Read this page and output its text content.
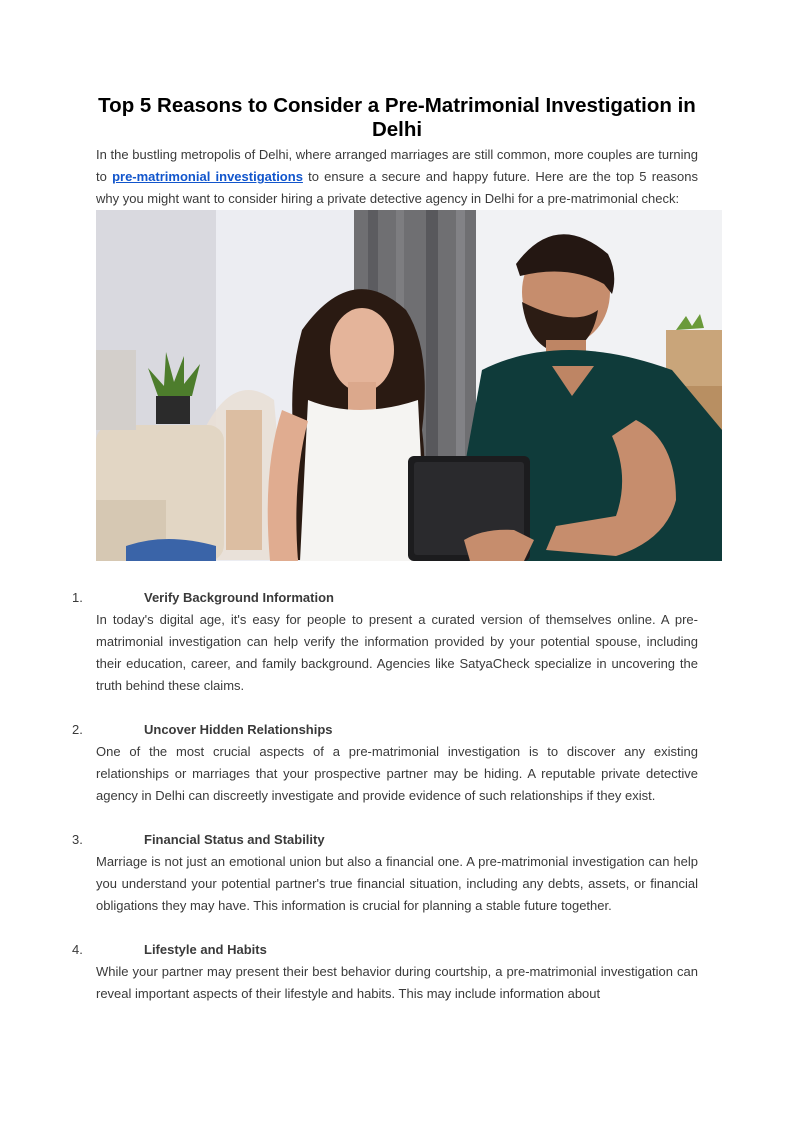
Top 5 Reasons to Consider a Pre-Matrimonial Investigation in Delhi

In the bustling metropolis of Delhi, where arranged marriages are still common, more couples are turning to pre-matrimonial investigations to ensure a secure and happy future. Here are the top 5 reasons why you might want to consider hiring a private detective agency in Delhi for a pre-matrimonial check:

1.	Verify Background Information

In today's digital age, it's easy for people to present a curated version of themselves online. A pre-matrimonial investigation can help verify the information provided by your potential spouse, including their education, career, and family background. Agencies like SatyaCheck specialize in uncovering the truth behind these claims.

2.	Uncover Hidden Relationships

One of the most crucial aspects of a pre-matrimonial investigation is to discover any existing relationships or marriages that your prospective partner may be hiding. A reputable private detective agency in Delhi can discreetly investigate and provide evidence of such relationships if they exist.

3.	Financial Status and Stability

Marriage is not just an emotional union but also a financial one. A pre-matrimonial investigation can help you understand your potential partner's true financial situation, including any debts, assets, or financial obligations they may have. This information is crucial for planning a stable future together.

4.	Lifestyle and Habits

While your partner may present their best behavior during courtship, a pre-matrimonial investigation can reveal important aspects of their lifestyle and habits. This may include information about
